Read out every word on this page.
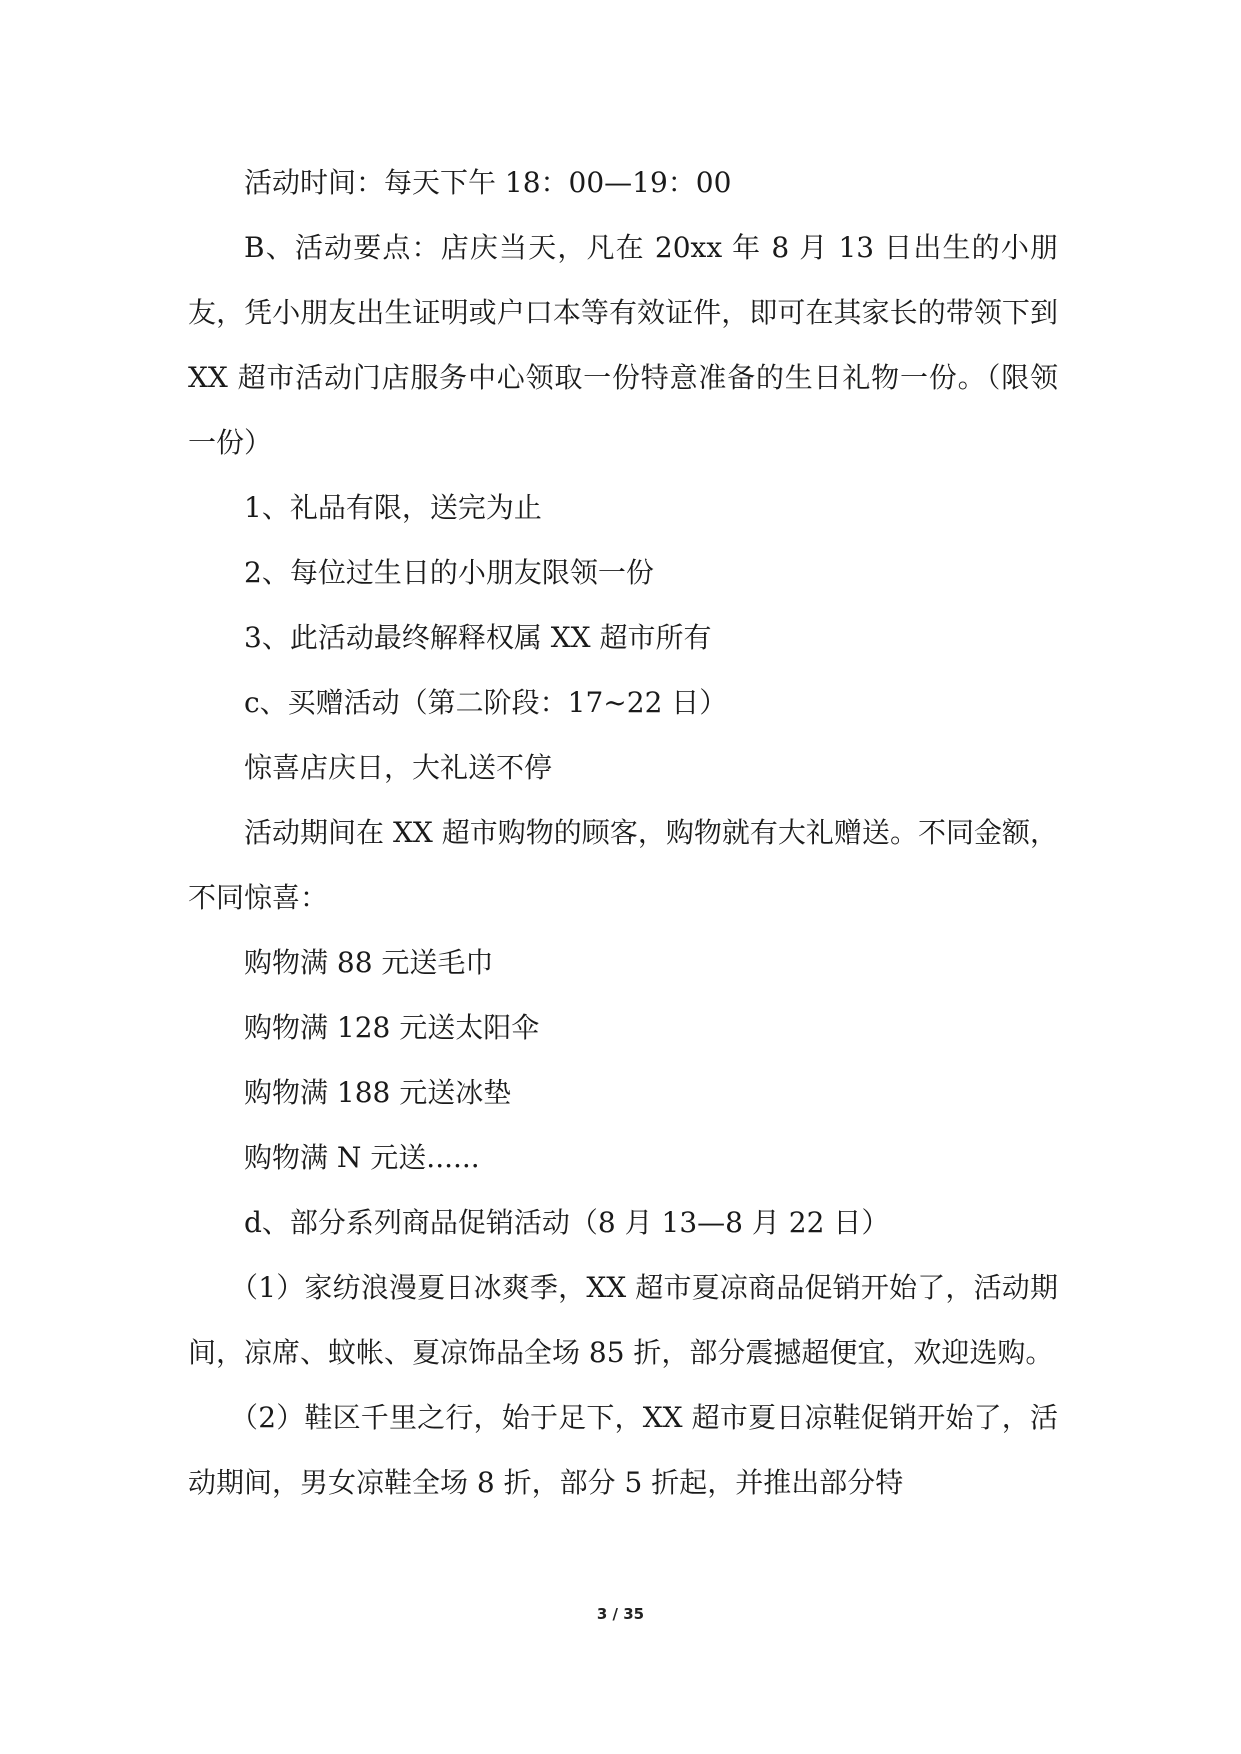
活动时间：每天下午 18：00—19：00

B、活动要点：店庆当天，凡在 20xx 年 8 月 13 日出生的小朋友，凭小朋友出生证明或户口本等有效证件，即可在其家长的带领下到 XX 超市活动门店服务中心领取一份特意准备的生日礼物一份。（限领一份）

1、礼品有限，送完为止

2、每位过生日的小朋友限领一份

3、此活动最终解释权属 XX 超市所有

c、买赠活动（第二阶段：17~22 日）

惊喜店庆日，大礼送不停

活动期间在 XX 超市购物的顾客，购物就有大礼赠送。不同金额，不同惊喜：

购物满 88 元送毛巾

购物满 128 元送太阳伞

购物满 188 元送冰垫

购物满 N 元送......

d、部分系列商品促销活动（8 月 13—8 月 22 日）

（1）家纺浪漫夏日冰爽季，XX 超市夏凉商品促销开始了，活动期间，凉席、蚊帐、夏凉饰品全场 85 折，部分震撼超便宜，欢迎选购。

（2）鞋区千里之行，始于足下，XX 超市夏日凉鞋促销开始了，活动期间，男女凉鞋全场 8 折，部分 5 折起，并推出部分特

3 / 35
